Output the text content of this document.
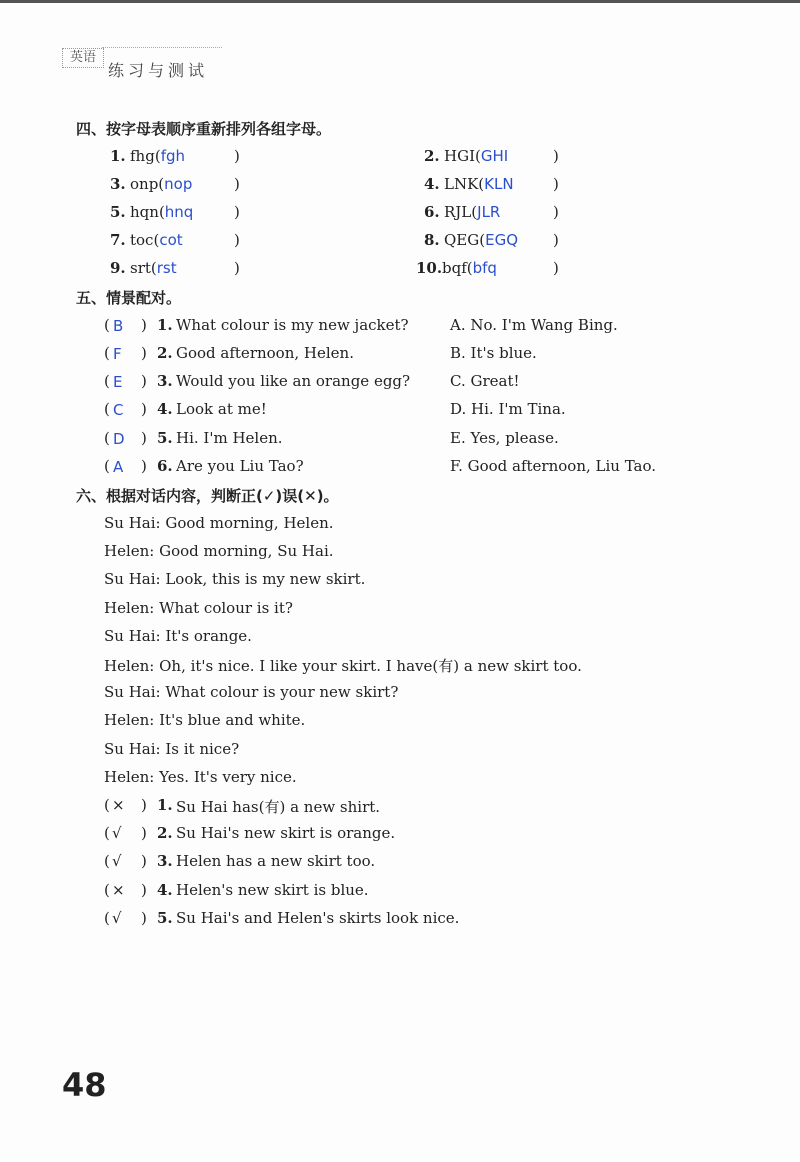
英语
练习与测试
四、按字母表顺序重新排列各组字母。
1. fhg(fgh	)	2. HGI(GHI	)
3. onp(nop	)	4. LNK(KLN	)
5. hqn(hnq	)	6. RJL(JLR	)
7. toc(cot	)	8. QEG(EGQ )
9. srt(rst	)	10. bqf(bfq	)
五、情景配对。
( B ) 1. What colour is my new jacket?	A. No. I'm Wang Bing.
( F ) 2. Good afternoon, Helen.	B. It's blue.
( E ) 3. Would you like an orange egg?	C. Great!
( C ) 4. Look at me!	D. Hi. I'm Tina.
( D ) 5. Hi. I'm Helen.	E. Yes, please.
( A ) 6. Are you Liu Tao?	F. Good afternoon, Liu Tao.
六、根据对话内容，判断正(✓)误(✕)。
Su Hai: Good morning, Helen.
Helen: Good morning, Su Hai.
Su Hai: Look, this is my new skirt.
Helen: What colour is it?
Su Hai: It's orange.
Helen: Oh, it's nice. I like your skirt. I have(有) a new skirt too.
Su Hai: What colour is your new skirt?
Helen: It's blue and white.
Su Hai: Is it nice?
Helen: Yes. It's very nice.
( × ) 1. Su Hai has(有) a new shirt.
( √ ) 2. Su Hai's new skirt is orange.
( √ ) 3. Helen has a new skirt too.
( × ) 4. Helen's new skirt is blue.
( √ ) 5. Su Hai's and Helen's skirts look nice.
48
